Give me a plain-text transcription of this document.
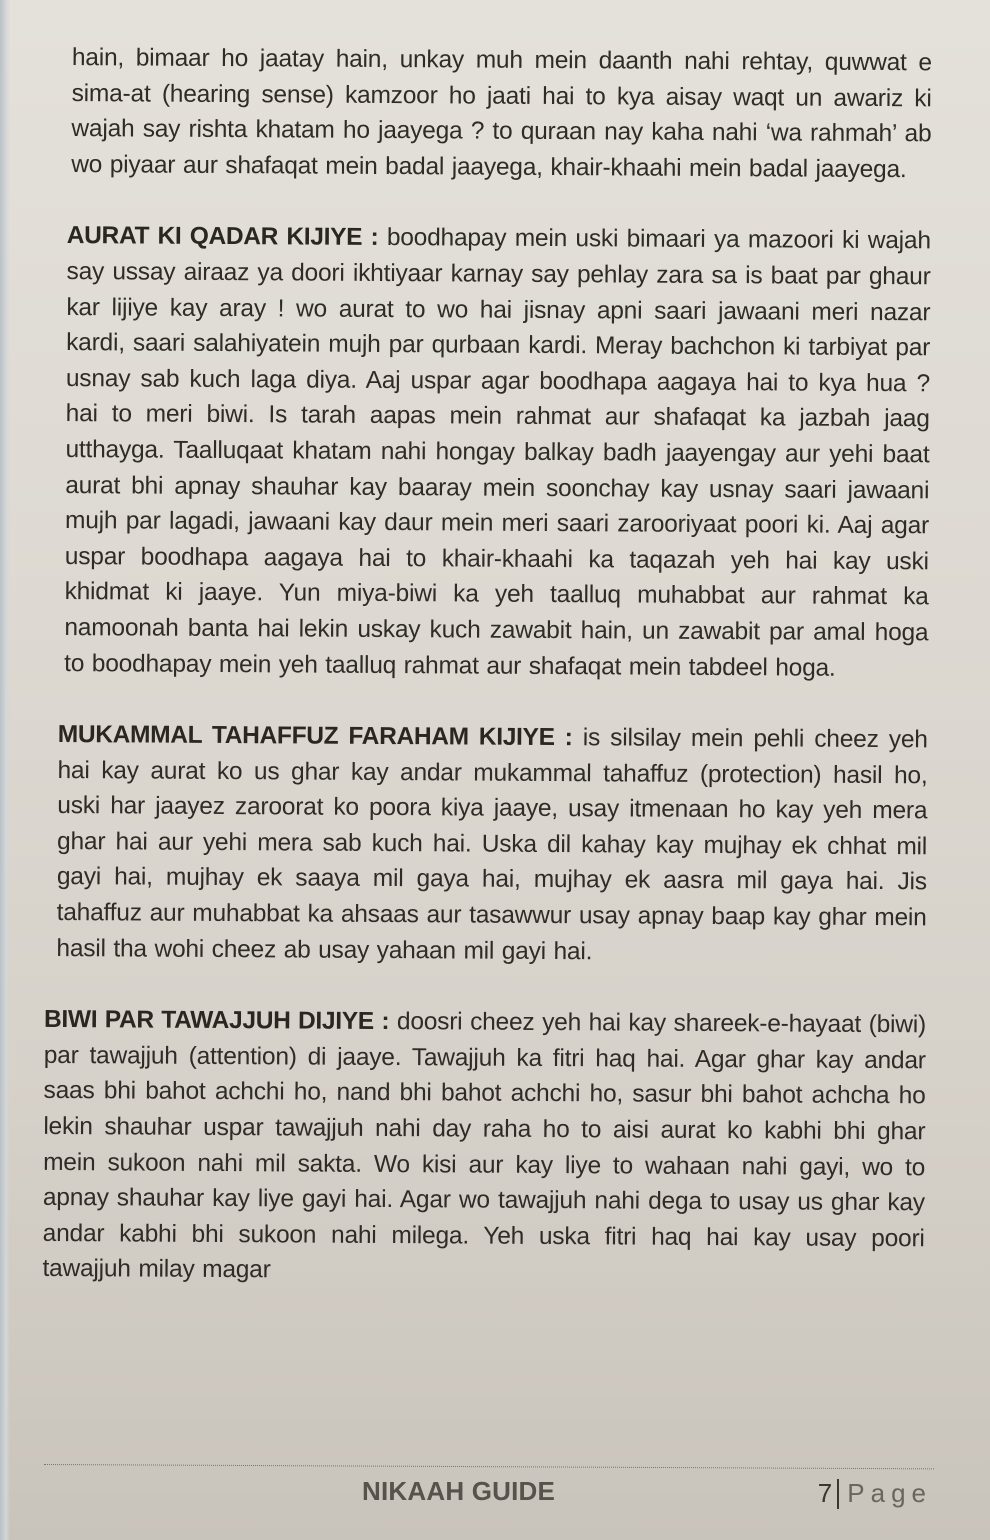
hain, bimaar ho jaatay hain, unkay muh mein daanth nahi rehtay, quwwat e sima-at (hearing sense) kamzoor ho jaati hai to kya aisay waqt un awariz ki wajah say rishta khatam ho jaayega ? to quraan nay kaha nahi ‘wa rahmah’ ab wo piyaar aur shafaqat mein badal jaayega, khair-khaahi mein badal jaayega.

AURAT KI QADAR KIJIYE : boodhapay mein uski bimaari ya mazoori ki wajah say ussay airaaz ya doori ikhtiyaar karnay say pehlay zara sa is baat par ghaur kar lijiye kay aray ! wo aurat to wo hai jisnay apni saari jawaani meri nazar kardi, saari salahiyatein mujh par qurbaan kardi. Meray bachchon ki tarbiyat par usnay sab kuch laga diya. Aaj uspar agar boodhapa aagaya hai to kya hua ? hai to meri biwi. Is tarah aapas mein rahmat aur shafaqat ka jazbah jaag utthayga. Taalluqaat khatam nahi hongay balkay badh jaayengay aur yehi baat aurat bhi apnay shauhar kay baaray mein soonchay kay usnay saari jawaani mujh par lagadi, jawaani kay daur mein meri saari zarooriyaat poori ki. Aaj agar uspar boodhapa aagaya hai to khair-khaahi ka taqazah yeh hai kay uski khidmat ki jaaye. Yun miya-biwi ka yeh taalluq muhabbat aur rahmat ka namoonah banta hai lekin uskay kuch zawabit hain, un zawabit par amal hoga to boodhapay mein yeh taalluq rahmat aur shafaqat mein tabdeel hoga.

MUKAMMAL TAHAFFUZ FARAHAM KIJIYE : is silsilay mein pehli cheez yeh hai kay aurat ko us ghar kay andar mukammal tahaffuz (protection) hasil ho, uski har jaayez zaroorat ko poora kiya jaaye, usay itmenaan ho kay yeh mera ghar hai aur yehi mera sab kuch hai. Uska dil kahay kay mujhay ek chhat mil gayi hai, mujhay ek saaya mil gaya hai, mujhay ek aasra mil gaya hai. Jis tahaffuz aur muhabbat ka ahsaas aur tasawwur usay apnay baap kay ghar mein hasil tha wohi cheez ab usay yahaan mil gayi hai.

BIWI PAR TAWAJJUH DIJIYE : doosri cheez yeh hai kay shareek-e-hayaat (biwi) par tawajjuh (attention) di jaaye. Tawajjuh ka fitri haq hai. Agar ghar kay andar saas bhi bahot achchi ho, nand bhi bahot achchi ho, sasur bhi bahot achcha ho lekin shauhar uspar tawajjuh nahi day raha ho to aisi aurat ko kabhi bhi ghar mein sukoon nahi mil sakta. Wo kisi aur kay liye to wahaan nahi gayi, wo to apnay shauhar kay liye gayi hai. Agar wo tawajjuh nahi dega to usay us ghar kay andar kabhi bhi sukoon nahi milega. Yeh uska fitri haq hai kay usay poori tawajjuh milay magar

NIKAAH GUIDE	7 Page
